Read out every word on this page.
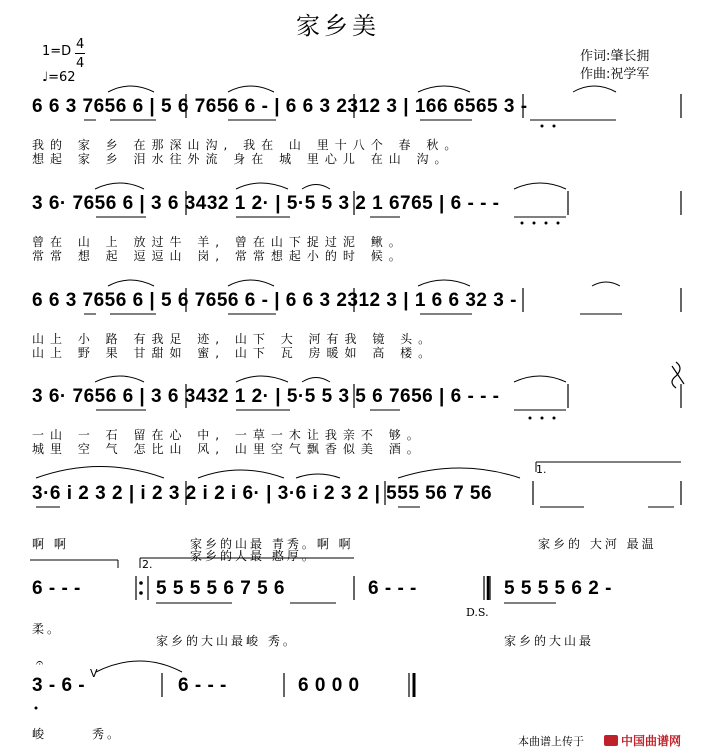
家乡美
1=D 4
4
♩=62
作词:肇长拥
作曲:祝学军
6 6 3 7656 6 | 5 6 7656 6 - | 6 6 3 2312 3 | 166 6565 3 -
我的 家 乡 在那深山沟, 我在 山 里十八个 春 秋。
想起 家 乡 泪水往外流 身在 城 里心儿 在山 沟。
3 6· 7656 6 | 3 6 3432 1 2· | 5·5 5 3 2 1 6765 | 6 - - -
曾在 山 上 放过牛 羊, 曾在山下捉过泥 鳅。
常常 想 起 逗逗山 岗, 常常想起小的时 候。
6 6 3 7656 6 | 5 6 7656 6 - | 6 6 3 2312 3 | 1 6 6 32 3 -
山上 小 路 有我足 迹, 山下 大 河有我 镜 头。
山上 野 果 甘甜如 蜜, 山下 瓦 房暖如 高 楼。
3 6· 7656 6 | 3 6 3432 1 2· | 5·5 5 3 5 6 7656 | 6 - - -
一山 一 石 留在心 中, 一草一木让我亲不 够。
城里 空 气 怎比山 风, 山里空气飘香似美 酒。
1.
3·6 i 2 3 2 | i 2 3 2 i 2 i 6· | 3·6 i 2 3 2 | 555 56 7 56
啊 啊	家乡的山最 青秀。啊 啊
家乡的人最 憨厚。
家乡的 大河 最温
2.
6 - - -	5 5 5 5 6 7 5 6	6 - - -	5 5 5 5 6 2 -
D.S.
柔。
家乡的大山最峻 秀。	家乡的大山最
𝄐
V
3 - 6 -	6 - - -	6 0 0 0
峻	秀。
本曲谱上传于	中国曲谱网
